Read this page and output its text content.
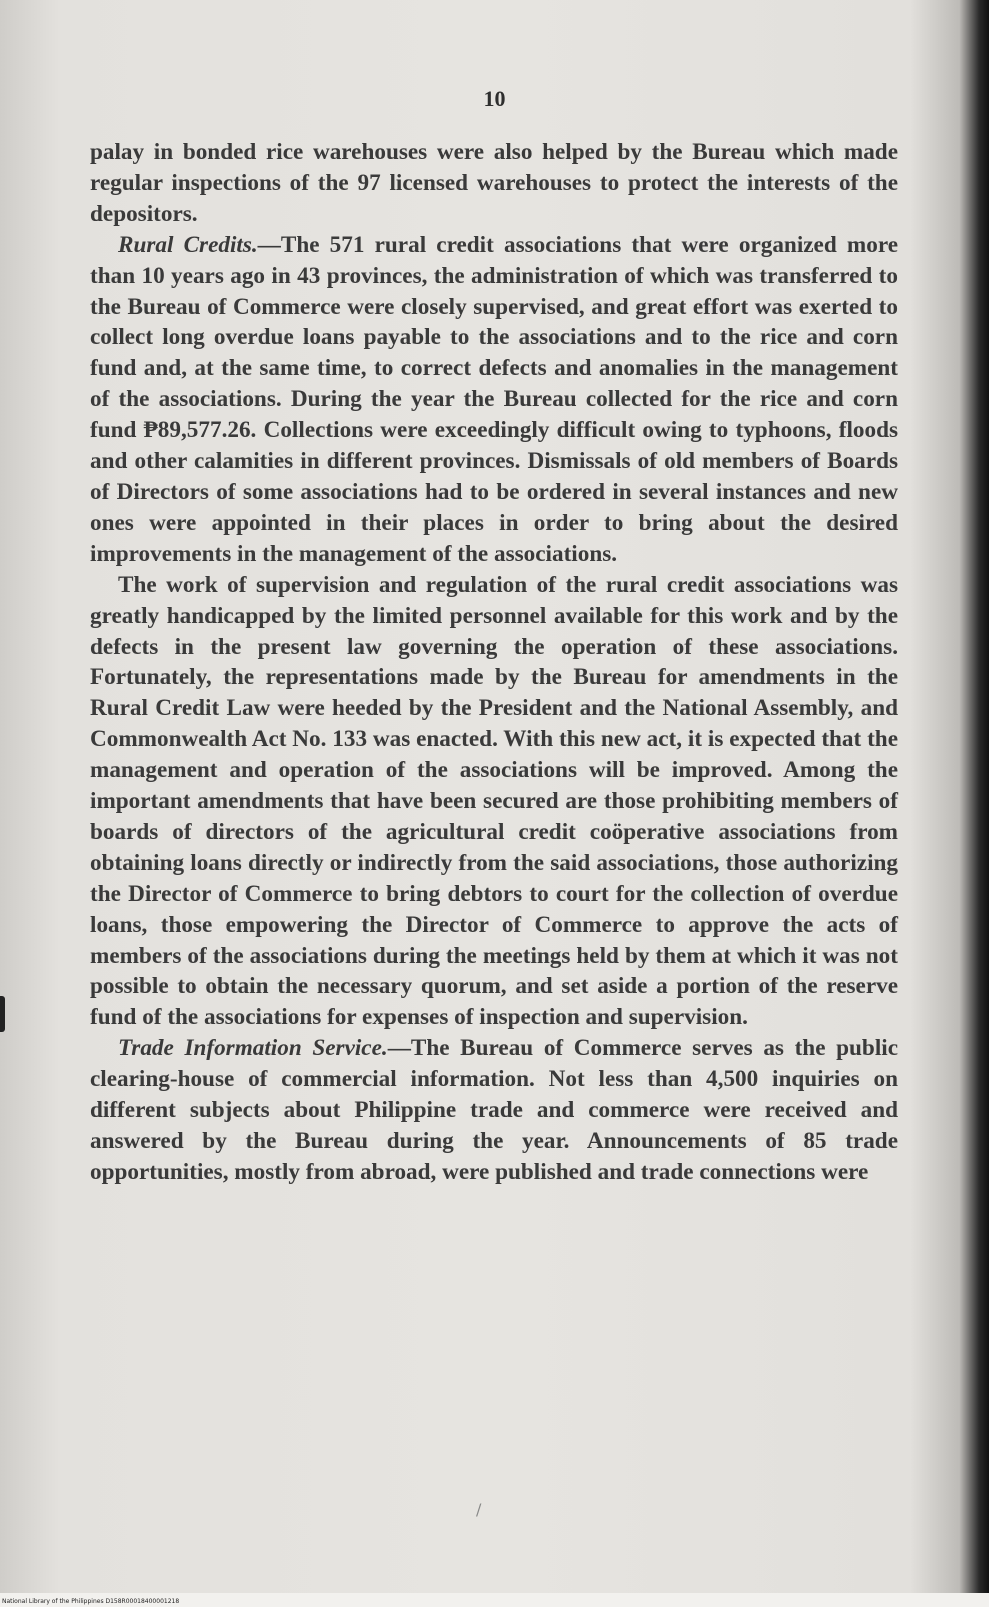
10

palay in bonded rice warehouses were also helped by the Bureau which made regular inspections of the 97 licensed warehouses to protect the interests of the depositors.

Rural Credits.—The 571 rural credit associations that were organized more than 10 years ago in 43 provinces, the administration of which was transferred to the Bureau of Commerce were closely supervised, and great effort was exerted to collect long overdue loans payable to the associations and to the rice and corn fund and, at the same time, to correct defects and anomalies in the management of the associations. During the year the Bureau collected for the rice and corn fund ₱89,577.26. Collections were exceedingly difficult owing to typhoons, floods and other calamities in different provinces. Dismissals of old members of Boards of Directors of some associations had to be ordered in several instances and new ones were appointed in their places in order to bring about the desired improvements in the management of the associations.

The work of supervision and regulation of the rural credit associations was greatly handicapped by the limited personnel available for this work and by the defects in the present law governing the operation of these associations. Fortunately, the representations made by the Bureau for amendments in the Rural Credit Law were heeded by the President and the National Assembly, and Commonwealth Act No. 133 was enacted. With this new act, it is expected that the management and operation of the associations will be improved. Among the important amendments that have been secured are those prohibiting members of boards of directors of the agricultural credit coöperative associations from obtaining loans directly or indirectly from the said associations, those authorizing the Director of Commerce to bring debtors to court for the collection of overdue loans, those empowering the Director of Commerce to approve the acts of members of the associations during the meetings held by them at which it was not possible to obtain the necessary quorum, and set aside a portion of the reserve fund of the associations for expenses of inspection and supervision.

Trade Information Service.—The Bureau of Commerce serves as the public clearing-house of commercial information. Not less than 4,500 inquiries on different subjects about Philippine trade and commerce were received and answered by the Bureau during the year. Announcements of 85 trade opportunities, mostly from abroad, were published and trade connections were

/
National Library of the Philippines D158R00018400001218
